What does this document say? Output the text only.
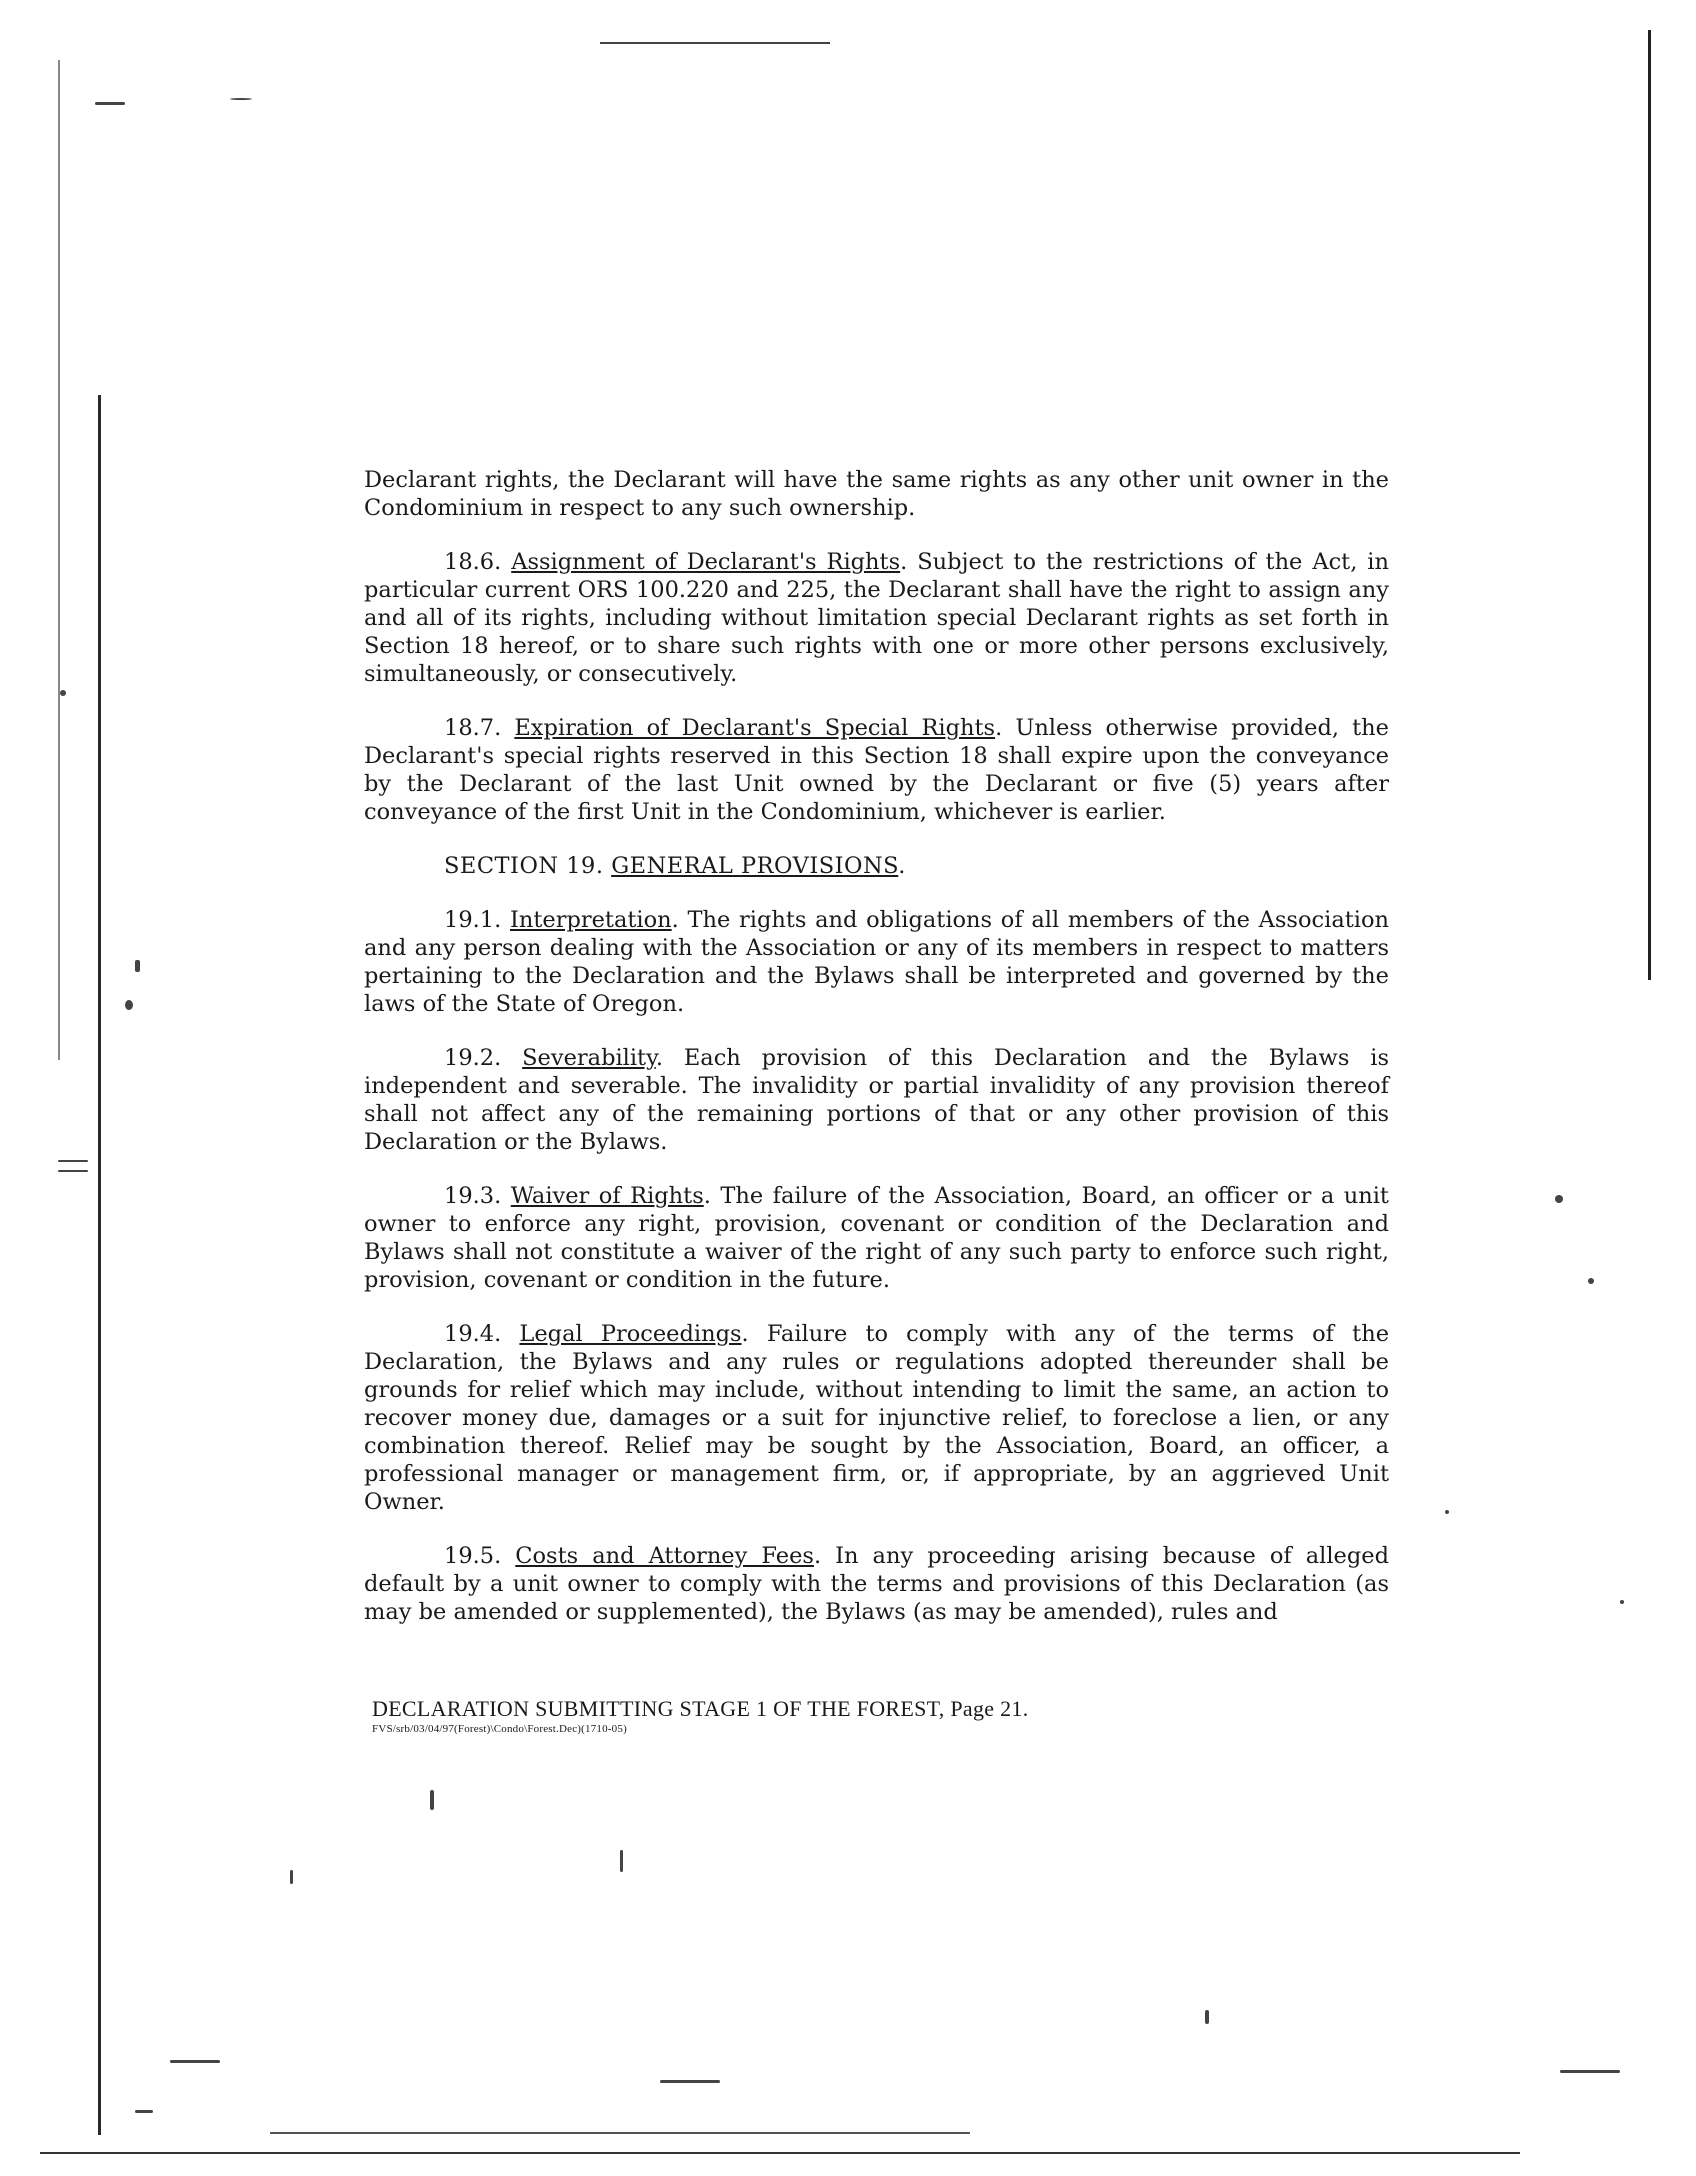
Declarant rights, the Declarant will have the same rights as any other unit owner in the Condominium in respect to any such ownership.

18.6. Assignment of Declarant's Rights. Subject to the restrictions of the Act, in particular current ORS 100.220 and 225, the Declarant shall have the right to assign any and all of its rights, including without limitation special Declarant rights as set forth in Section 18 hereof, or to share such rights with one or more other persons exclusively, simultaneously, or consecutively.

18.7. Expiration of Declarant's Special Rights. Unless otherwise provided, the Declarant's special rights reserved in this Section 18 shall expire upon the conveyance by the Declarant of the last Unit owned by the Declarant or five (5) years after conveyance of the first Unit in the Condominium, whichever is earlier.

SECTION 19. GENERAL PROVISIONS.

19.1. Interpretation. The rights and obligations of all members of the Association and any person dealing with the Association or any of its members in respect to matters pertaining to the Declaration and the Bylaws shall be interpreted and governed by the laws of the State of Oregon.

19.2. Severability. Each provision of this Declaration and the Bylaws is independent and severable. The invalidity or partial invalidity of any provision thereof shall not affect any of the remaining portions of that or any other provision of this Declaration or the Bylaws.

19.3. Waiver of Rights. The failure of the Association, Board, an officer or a unit owner to enforce any right, provision, covenant or condition of the Declaration and Bylaws shall not constitute a waiver of the right of any such party to enforce such right, provision, covenant or condition in the future.

19.4. Legal Proceedings. Failure to comply with any of the terms of the Declaration, the Bylaws and any rules or regulations adopted thereunder shall be grounds for relief which may include, without intending to limit the same, an action to recover money due, damages or a suit for injunctive relief, to foreclose a lien, or any combination thereof. Relief may be sought by the Association, Board, an officer, a professional manager or management firm, or, if appropriate, by an aggrieved Unit Owner.

19.5. Costs and Attorney Fees. In any proceeding arising because of alleged default by a unit owner to comply with the terms and provisions of this Declaration (as may be amended or supplemented), the Bylaws (as may be amended), rules and

DECLARATION SUBMITTING STAGE 1 OF THE FOREST, Page 21.
FVS/srb/03/04/97(Forest)\Condo\Forest.Dec)(1710-05)
